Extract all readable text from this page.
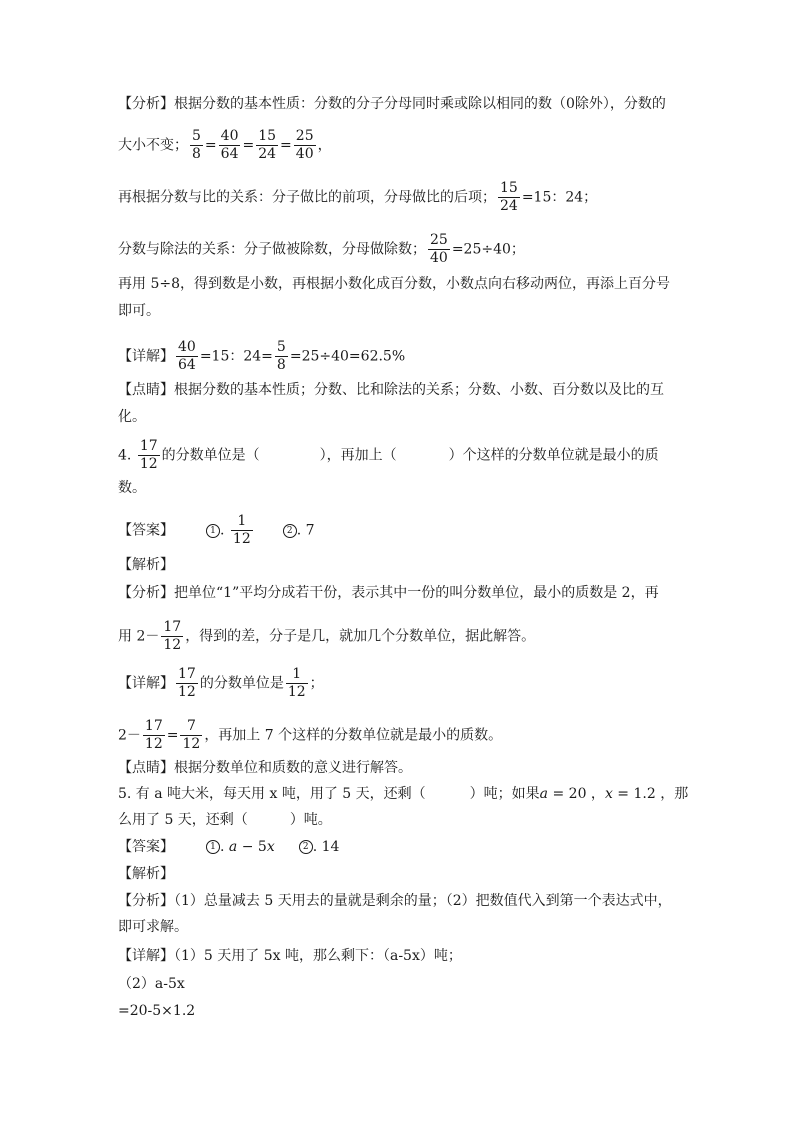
【分析】根据分数的基本性质：分数的分子分母同时乘或除以相同的数（0除外），分数的
大小不变； $\frac{5}{8} = \frac{40}{64} = \frac{15}{24} = \frac{25}{40}$ ，
再根据分数与比的关系：分子做比的前项，分母做比的后项； $\frac{15}{24} =15$：24；
分数与除法的关系：分子做被除数，分母做除数； $\frac{25}{40} =25\div 40$；
再用 5÷8，得到数是小数，再根据小数化成百分数，小数点向右移动两位，再添上百分号
即可。
【详解】 $\frac{40}{64} =15$：$24= \frac{5}{8} =25\div 40=62.5\%$
【点睛】根据分数的基本性质；分数、比和除法的关系；分数、小数、百分数以及比的互
化。
4. $\frac{17}{12}$ 的分数单位是（	），再加上（	）个这样的分数单位就是最小的质
数。
【答案】	1 . $\frac{1}{12}$	2 . 7
【解析】
【分析】把单位“1”平均分成若干份，表示其中一份的叫分数单位，最小的质数是 2，再
用 $2- \frac{17}{12}$ ，得到的差，分子是几，就加几个分数单位，据此解答。
【详解】 $\frac{17}{12}$ 的分数单位是 $\frac{1}{12}$ ；
$2- \frac{17}{12} = \frac{7}{12}$ ，再加上 7 个这样的分数单位就是最小的质数。
【点睛】根据分数单位和质数的意义进行解答。
5. 有 a 吨大米，每天用 x 吨，用了 5 天，还剩（	）吨；如果a = 20 ，x = 1.2 ，那
么用了 5 天，还剩（	）吨。
【答案】	1 . a − 5x	2 . 14
【解析】
【分析】（1）总量减去 5 天用去的量就是剩余的量；（2）把数值代入到第一个表达式中，
即可求解。
【详解】（1）5 天用了 5x 吨，那么剩下：（a-5x）吨；
（2）a-5x
=20-5×1.2
